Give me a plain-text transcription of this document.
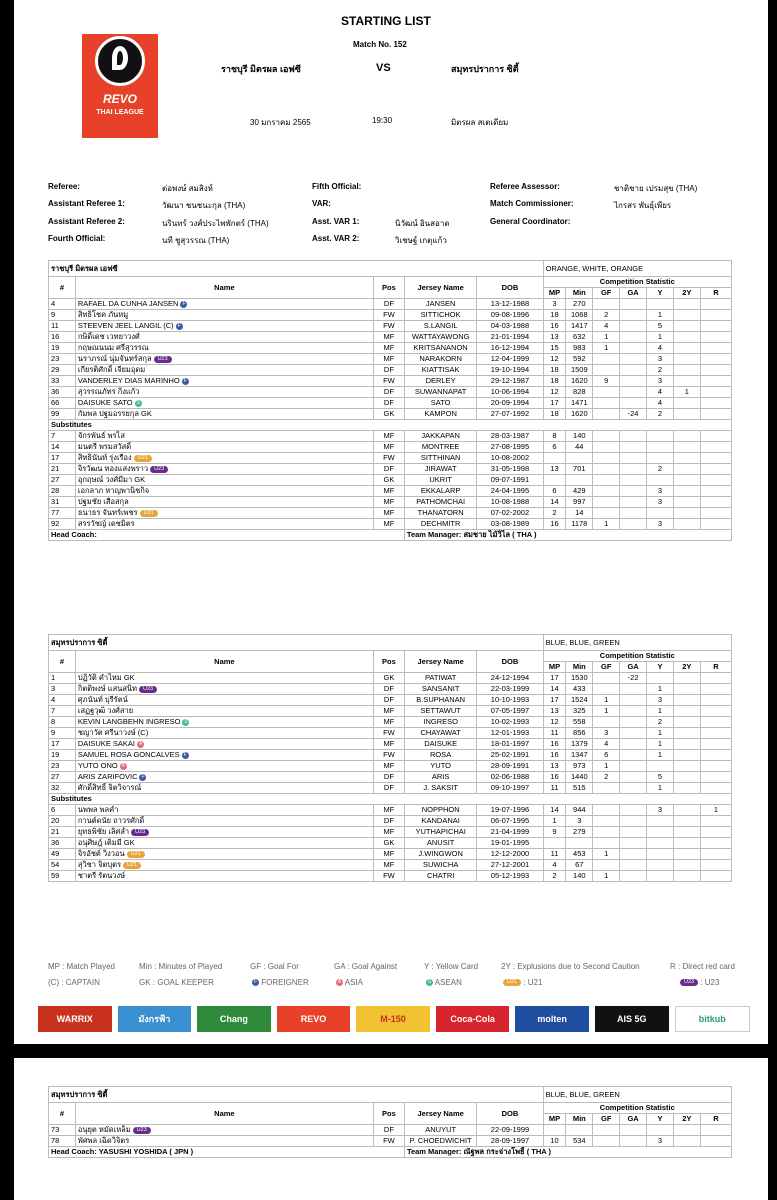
STARTING LIST
Match No. 152
ราชบุรี มิตรผล เอฟซี	VS	สมุทรปราการ ซิตี้
30 มกราคม 2565	19:30	มิตรผล สเตเดียม
REVO
THAI LEAGUE
Referee:	ต่อพงษ์ สมสิงห์
Assistant Referee 1:	วัฒนา ชนชนะกุล (THA)
Assistant Referee 2:	นรินทร์ วงศ์ประไพพักตร์ (THA)
Fourth Official:	นที ชูสุวรรณ (THA)
Fifth Official:
VAR:
Asst. VAR 1:	นิวัฒน์ อินสอาด
Asst. VAR 2:	วิเชษฐ์ เกตุแก้ว
Referee Assessor:	ชาติชาย เปรมสุข (THA)
Match Commissioner:	ไกรสร พันธุ์เพียร
General Coordinator:
ราชบุรี มิตรผล เอฟซี					ORANGE, WHITE, ORANGE						
#	Name	Pos	Jersey Name	DOB	Competition Statistic						
					MP	Min	GF	GA	Y	2Y	R
4	RAFAEL DA CUNHA JANSEN F	DF	JANSEN	13-12-1988	3	270					
9	สิทธิโชค ภันหมู	FW	SITTICHOK	09-08-1996	18	1068	2		1		
11	STEEVEN JEEL LANGIL (C) F	FW	S.LANGIL	04-03-1988	16	1417	4		5		
16	กษิดิ์เดช เวทยาวงศ์	MF	WATTAYAWONG	21-01-1994	13	632	1		1		
19	กฤษณนนม ศรีสุวรรณ	MF	KRITSANANON	16-12-1994	15	983	1		4		
23	นราภรณ์ นุ่มจันทร์สกุล U23	MF	NARAKORN	12-04-1999	12	592			3		
29	เกียรติศักดิ์ เจียมอุดม	DF	KIATTISAK	19-10-1994	18	1509			2		
33	VANDERLEY DIAS MARINHO F	FW	DERLEY	29-12-1987	18	1620	9		3		
36	สุวรรณภัทร กิ่งแก้ว	DF	SUWANNAPAT	10-06-1994	12	828			4	1	
66	DAISUKE SATO S	DF	SATO	20-09-1994	17	1471			4		
99	กัมพล ปฐมอรรยกุล GK	GK	KAMPON	27-07-1992	18	1620		-24	2		
Substitutes											
7	จักรพันธ์ พรไส	MF	JAKKAPAN	28-03-1987	8	140					
14	มนตรี พรมสวัสดิ์	MF	MONTREE	27-08-1995	6	44					
17	สิทธินันท์ รุ่งเรือง U21	FW	SITTHINAN	10-08-2002							
21	จิรวัฒน ทองแสงพราว U23	DF	JIRAWAT	31-05-1998	13	701			2		
27	อุกฤษณ์ วงศ์มีมา GK	GK	UKRIT	09-07-1991							
28	เอกลาภ หาญพานิชกิจ	MF	EKKALARP	24-04-1995	6	429			3		
31	ปฐมชัย เสือสกุล	MF	PATHOMCHAI	10-08-1988	14	997			3		
77	ธนาธร จันทร์เพชร U21	MF	THANATORN	07-02-2002	2	14					
92	สรรวัชญ์ เดชมิตร	MF	DECHMITR	03-08-1989	16	1178	1		3		
Head Coach:			Team Manager: สมชาย ไม้วิไล ( THA )								
สมุทรปราการ ซิตี้					BLUE, BLUE, GREEN						
#	Name	Pos	Jersey Name	DOB	Competition Statistic						
					MP	Min	GF	GA	Y	2Y	R
1	ปฏิวัติ คำไหม GK	GK	PATIWAT	24-12-1994	17	1530		-22			
3	กิตติพงษ์ แสนสนิท U23	DF	SANSANIT	22-03-1999	14	433			1		
4	ศุภนันท์ บุรีรัตน์	DF	B.SUPHANAN	10-10-1993	17	1524	1		3		
7	เสฏฐวุฒิ วงศ์สาย	MF	SETTAWUT	07-05-1997	13	325	1		1		
8	KEVIN LANGBEHN INGRESO S	MF	INGRESO	10-02-1993	12	558			2		
9	ชญาวัต ศรีนาวงษ์ (C)	FW	CHAYAWAT	12-01-1993	11	856	3		1		
17	DAISUKE SAKAI A	MF	DAISUKE	18-01-1997	16	1379	4		1		
19	SAMUEL ROSA GONCALVES F	FW	ROSA	25-02-1991	16	1347	6		1		
23	YUTO ONO A	MF	YUTO	28-09-1991	13	973	1				
27	ARIS ZARIFOVIC F	DF	ARIS	02-06-1988	16	1440	2		5		
32	ศักดิ์สิทธิ์ จิตวิจารณ์	DF	J. SAKSIT	09-10-1997	11	515			1		
Substitutes											
6	นพพล พลค่ำ	MF	NOPPHON	19-07-1996	14	944			3		1
20	กานต์ดนัย ถาวรศักดิ์	DF	KANDANAI	06-07-1995	1	3					
21	ยุทธพิชัย เลิศล้ำ U23	MF	YUTHAPICHAI	21-04-1999	9	279					
36	อนุศิษฎ์ เติมมี GK	GK	ANUSIT	19-01-1995							
49	จิรอัชต์ วิงวอน U21	MF	J.WINGWON	12-12-2000	11	453	1				
54	สุวิชา จิตบุตร U21	MF	SUWICHA	27-12-2001	4	67					
59	ชาตรี รัตนวงษ์	FW	CHATRI	05-12-1993	2	140	1				
MP : Match Played	Min : Minutes of Played	GF : Goal For	GA : Goal Against	Y : Yellow Card	2Y : Explusions due to Second Caution	R : Direct red card
(C) : CAPTAIN	GK : GOAL KEEPER	F FOREIGNER	A ASIA	S ASEAN	U21 : U21	U23 : U23
WARRIX	มังกรฟ้า	Chang	REVO	M-150	Coca-Cola	molten	AIS 5G	bitkub
สมุทรปราการ ซิตี้					BLUE, BLUE, GREEN						
#	Name	Pos	Jersey Name	DOB	Competition Statistic						
					MP	Min	GF	GA	Y	2Y	R
73	อนุยุต หมัดเหล็ม U23	DF	ANUYUT	22-09-1999							
78	พัศพล เฉิดวิจิตร	FW	P. CHOEDWICHIT	28-09-1997	10	534			3		
Head Coach: YASUSHI YOSHIDA ( JPN )			Team Manager: ณัฐพล กระจ่างโพธิ์ ( THA )								
